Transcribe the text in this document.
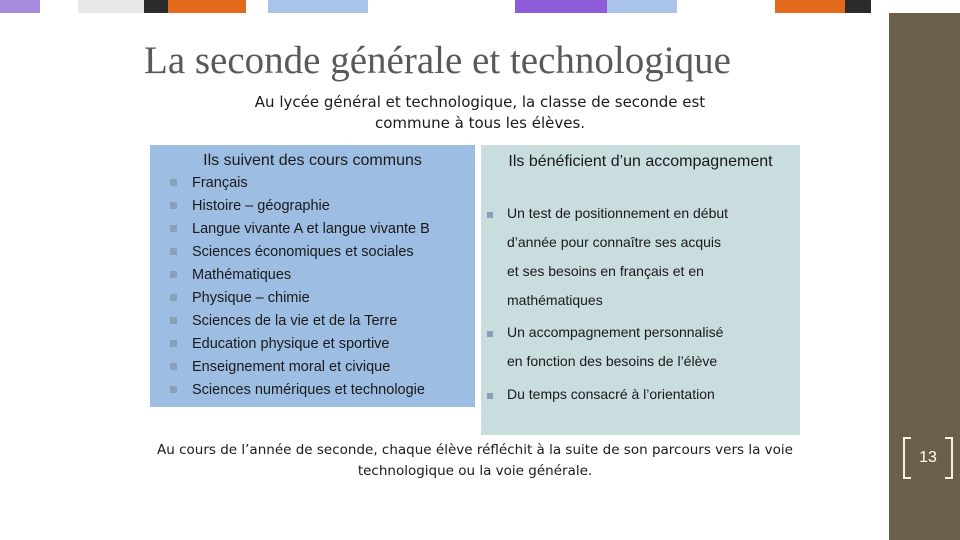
13
La seconde générale et technologique
Au lycée général et technologique, la classe de seconde est commune à tous les élèves.
Ils suivent des cours communs
Français
Histoire – géographie
Langue vivante A et langue vivante B
Sciences économiques et sociales
Mathématiques
Physique – chimie
Sciences de la vie et de la Terre
Education physique et sportive
Enseignement moral et civique
Sciences numériques et technologie
Ils bénéficient d’un accompagnement
Un test de positionnement en début
d’année pour connaître ses acquis
et ses besoins en français et en
mathématiques
Un accompagnement personnalisé
en fonction des besoins de l’élève
Du temps consacré à l’orientation
Au cours de l’année de seconde, chaque élève réfléchit à la suite de son parcours vers la voie technologique ou la voie générale.
